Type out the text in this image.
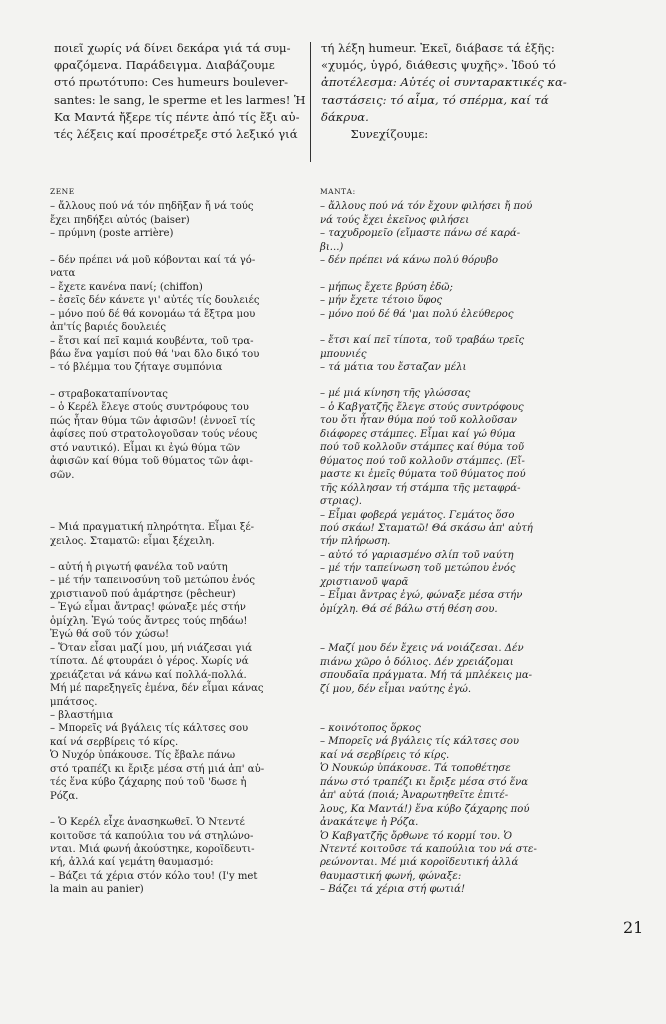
ποιεῖ χωρίς νά δίνει δεκάρα γιά τά συμ-

φραζόμενα. Παράδειγμα. Διαβάζουμε

στό πρωτότυπο: Ces humeurs boulever-

santes: le sang, le sperme et les larmes! Ἡ

Κα Μαντά ἤξερε τίς πέντε ἀπό τίς ἔξι αὐ-

τές λέξεις καί προσέτρεξε στό λεξικό γιά

τή λέξη humeur. Ἐκεῖ, διάβασε τά ἑξῆς:

«χυμός, ὑγρό, διάθεσις ψυχῆς». Ἰδού τό

ἀποτέλεσμα: Αὐτές οἱ συνταρακτικές κα-

ταστάσεις: τό αἷμα, τό σπέρμα, καί τά

δάκρυα.

Συνεχίζουμε:

ZENE
– ἄλλους πού νά τόν πηδῆξαν ἤ νά τούς
ἔχει πηδήξει αὐτός (baiser)
– πρύμνη (poste arrière)
– δέν πρέπει νά μοῦ κόβονται καί τά γό-
νατα
– ἔχετε κανένα πανί; (chiffon)
– ἐσεῖς δέν κάνετε γι' αὐτές τίς δουλειές
– μόνο πού δέ θά κονομάω τά ἔξτρα μου
ἀπ'τίς βαριές δουλειές
– ἔτσι καί πεῖ καμιά κουβέντα, τοῦ τρα-
βάω ἕνα γαμίσι πού θά 'ναι δλο δικό του
– τό βλέμμα του ζήταγε συμπόνια
– στραβοκαταπίνοντας
– ὁ Κερέλ ἔλεγε στούς συντρόφους του
πώς ἦταν θύμα τῶν ἀφισῶν! (ἐννοεῖ τίς
ἀφίσες πού στρατολογοῦσαν τούς νέους
στό ναυτικό). Εἶμαι κι ἐγώ θύμα τῶν
ἀφισῶν καί θύμα τοῦ θύματος τῶν ἀφι-
σῶν.
– Μιά πραγματική πληρότητα. Εἶμαι ξέ-
χειλος. Σταματῶ: εἶμαι ξέχειλη.
– αὐτή ἡ ριγωτή φανέλα τοῦ ναύτη
– μέ τήν ταπεινοσύνη τοῦ μετώπου ἑνός
χριστιανοῦ πού ἁμάρτησε (pêcheur)
– Ἐγώ εἶμαι ἄντρας! φώναξε μές στήν
ὁμίχλη. Ἐγώ τούς ἄντρες τούς πηδάω!
Ἐγώ θά σοῦ τόν χώσω!
– Ὅταν εἶσαι μαζί μου, μή νιάζεσαι γιά
τίποτα. Δέ φτουράει ὁ γέρος. Χωρίς νά
χρειάζεται νά κάνω καί πολλά-πολλά.
Μή μέ παρεξηγεῖς ἐμένα, δέν εἶμαι κάνας
μπάτσος.
– βλαστήμια
– Μπορεῖς νά βγάλεις τίς κάλτσες σου
καί νά σερβίρεις τό κίρς.
Ὁ Νυχόρ ὑπάκουσε. Τίς ἔβαλε πάνω
στό τραπέζι κι ἔριξε μέσα στή μιά ἀπ' αὐ-
τές ἕνα κύβο ζάχαρης πού τοῦ 'δωσε ἡ
Ρόζα.
– Ὁ Κερέλ εἶχε ἀνασηκωθεῖ. Ὁ Ντεντέ
κοιτοῦσε τά καπούλια του νά στηλώνο-
νται. Μιά φωνή ἀκούστηκε, κοροϊδευτι-
κή, ἀλλά καί γεμάτη θαυμασμό:
– Βάζει τά χέρια στόν κόλο του! (Ι'y met
la main au panier)
ΜΑΝΤΑ:
– ἄλλους πού νά τόν ἔχουν φιλήσει ἤ πού
νά τούς ἔχει ἐκεῖνος φιλήσει
– ταχυδρομεῖο (εἴμαστε πάνω σέ καρά-
βι...)
– δέν πρέπει νά κάνω πολύ θόρυβο
– μήπως ἔχετε βρύση ἐδῶ;
– μήν ἔχετε τέτοιο ὕφος
– μόνο πού δέ θά 'μαι πολύ ἐλεύθερος
– ἔτσι καί πεῖ τίποτα, τοῦ τραβάω τρεῖς
μπουνιές
– τά μάτια του ἔσταζαν μέλι
– μέ μιά κίνηση τῆς γλώσσας
– ὁ Καβγατζῆς ἔλεγε στούς συντρόφους
του ὅτι ἦταν θύμα πού τοῦ κολλοῦσαν
διάφορες στάμπες. Εἶμαι καί γώ θύμα
πού τοῦ κολλοῦν στάμπες καί θύμα τοῦ
θύματος πού τοῦ κολλοῦν στάμπες. (Εἴ-
μαστε κι ἐμεῖς θύματα τοῦ θύματος πού
τῆς κόλλησαν τή στάμπα τῆς μεταφρά-
στριας).
– Εἶμαι φοβερά γεμάτος. Γεμάτος ὅσο
πού σκάω! Σταματῶ! Θά σκάσω ἀπ' αὐτή
τήν πλήρωση.
– αὐτό τό γαριασμένο σλίπ τοῦ ναύτη
– μέ τήν ταπείνωση τοῦ μετώπου ἑνός
χριστιανοῦ ψαρᾶ
– Εἶμαι ἄντρας ἐγώ, φώναξε μέσα στήν
ὁμίχλη. Θά σέ βάλω στή θέση σου.
– Μαζί μου δέν ἔχεις νά νοιάζεσαι. Δέν
πιάνω χῶρο ὁ δόλιος. Δέν χρειάζομαι
σπουδαῖα πράγματα. Μή τά μπλέκεις μα-
ζί μου, δέν εἶμαι ναύτης ἐγώ.
– κοινότοπος ὅρκος
– Μπορεῖς νά βγάλεις τίς κάλτσες σου
καί νά σερβίρεις τό κίρς.
Ὁ Νουκώρ ὑπάκουσε. Τά τοποθέτησε
πάνω στό τραπέζι κι ἔριξε μέσα στό ἕνα
ἀπ' αὐτά (ποιά; Ἀναρωτηθεῖτε ἐπιτέ-
λους, Κα Μαντά!) ἕνα κύβο ζάχαρης πού
ἀνακάτεψε ἡ Ρόζα.
Ὁ Καβγατζῆς ὄρθωνε τό κορμί του. Ὁ
Ντεντέ κοιτοῦσε τά καπούλια του νά στε-
ρεώνονται. Μέ μιά κοροϊδευτική ἀλλά
θαυμαστική φωνή, φώναξε:
– Βάζει τά χέρια στή φωτιά!
21
